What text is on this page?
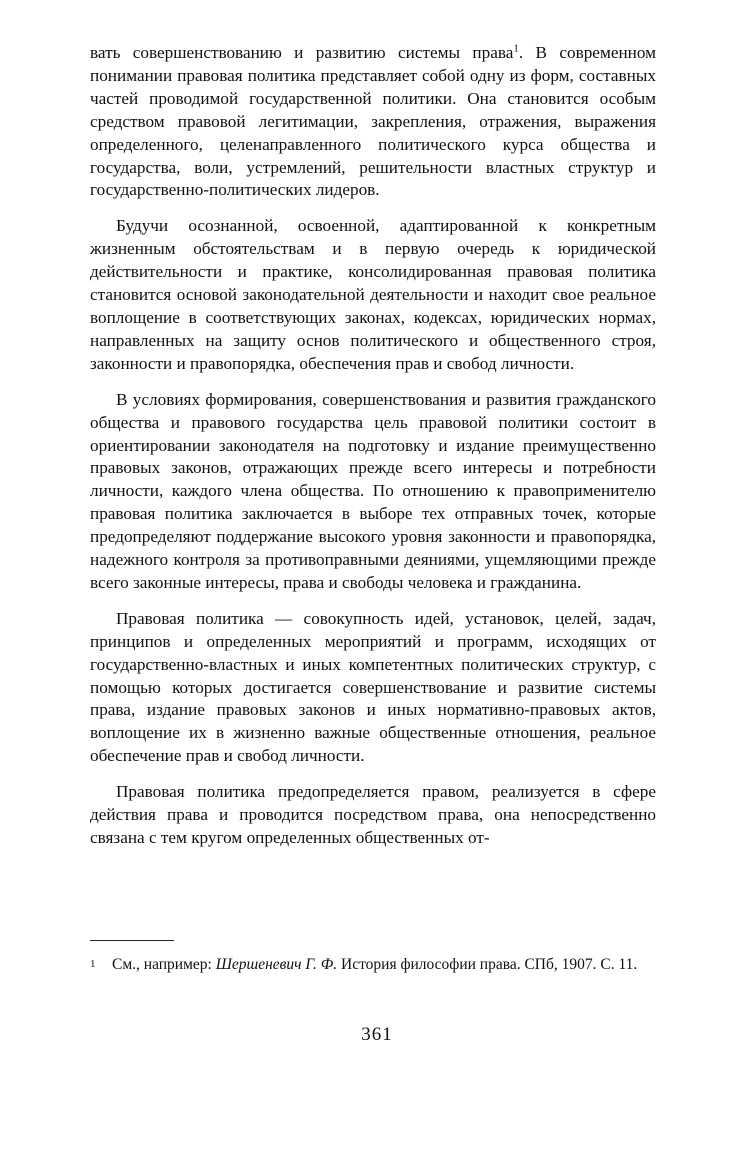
вать совершенствованию и развитию системы права$^1$. В современном понимании правовая политика представляет собой одну из форм, составных частей проводимой государственной политики. Она становится особым средством правовой легитимации, закрепления, отражения, выражения определенного, целенаправленного политического курса общества и государства, воли, устремлений, решительности властных структур и государственно-политических лидеров.

Будучи осознанной, освоенной, адаптированной к конкретным жизненным обстоятельствам и в первую очередь к юридической действительности и практике, консолидированная правовая политика становится основой законодательной деятельности и находит свое реальное воплощение в соответствующих законах, кодексах, юридических нормах, направленных на защиту основ политического и общественного строя, законности и правопорядка, обеспечения прав и свобод личности.

В условиях формирования, совершенствования и развития гражданского общества и правового государства цель правовой политики состоит в ориентировании законодателя на подготовку и издание преимущественно правовых законов, отражающих прежде всего интересы и потребности личности, каждого члена общества. По отношению к правоприменителю правовая политика заключается в выборе тех отправных точек, которые предопределяют поддержание высокого уровня законности и правопорядка, надежного контроля за противоправными деяниями, ущемляющими прежде всего законные интересы, права и свободы человека и гражданина.

Правовая политика — совокупность идей, установок, целей, задач, принципов и определенных мероприятий и программ, исходящих от государственно-властных и иных компетентных политических структур, с помощью которых достигается совершенствование и развитие системы права, издание правовых законов и иных нормативно-правовых актов, воплощение их в жизненно важные общественные отношения, реальное обеспечение прав и свобод личности.

Правовая политика предопределяется правом, реализуется в сфере действия права и проводится посредством права, она непосредственно связана с тем кругом определенных общественных от-

1 См., например: Шершеневич Г. Ф. История философии права. СПб, 1907. С. 11.
361
